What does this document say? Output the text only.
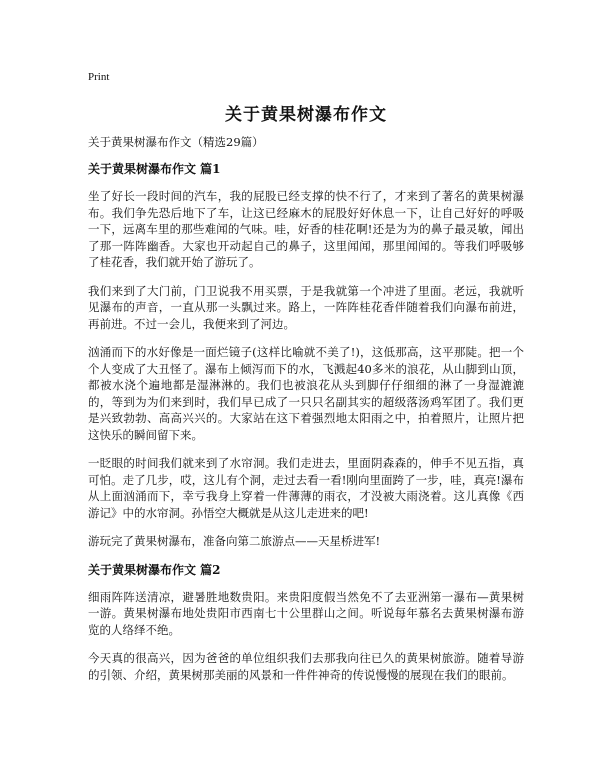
Print
关于黄果树瀑布作文
关于黄果树瀑布作文（精选29篇）
关于黄果树瀑布作文 篇1

坐了好长一段时间的汽车，我的屁股已经支撑的快不行了，才来到了著名的黄果树瀑布。我们争先恐后地下了车，让这已经麻木的屁股好好休息一下，让自己好好的呼吸一下，远离车里的那些难闻的气味。哇，好香的桂花啊!还是为为的鼻子最灵敏，闻出了那一阵阵幽香。大家也开动起自己的鼻子，这里闻闻，那里闻闻的。等我们呼吸够了桂花香，我们就开始了游玩了。

我们来到了大门前，门卫说我不用买票，于是我就第一个冲进了里面。老远，我就听见瀑布的声音，一直从那一头飘过来。路上，一阵阵桂花香伴随着我们向瀑布前进，再前进。不过一会儿，我便来到了河边。

汹涌而下的水好像是一面烂镜子(这样比喻就不美了!)，这低那高，这平那陡。把一个个人变成了大丑怪了。瀑布上倾泻而下的水，飞溅起40多米的浪花，从山脚到山顶，都被水浇个遍地都是湿淋淋的。我们也被浪花从头到脚仔仔细细的淋了一身湿漉漉的，等到为为们来到时，我们早已成了一只只名副其实的超级落汤鸡军团了。我们更是兴致勃勃、高高兴兴的。大家站在这下着强烈地太阳雨之中，拍着照片，让照片把这快乐的瞬间留下来。

一眨眼的时间我们就来到了水帘洞。我们走进去，里面阴森森的，伸手不见五指，真可怕。走了几步，哎，这儿有个洞，走过去看一看!刚向里面跨了一步，哇，真亮!瀑布从上面汹涌而下，幸亏我身上穿着一件薄薄的雨衣，才没被大雨浇着。这儿真像《西游记》中的水帘洞。孙悟空大概就是从这儿走进来的吧!

游玩完了黄果树瀑布，准备向第二旅游点——天星桥进军!

关于黄果树瀑布作文 篇2

细雨阵阵送清凉，避暑胜地数贵阳。来贵阳度假当然免不了去亚洲第一瀑布—黄果树一游。黄果树瀑布地处贵阳市西南七十公里群山之间。听说每年慕名去黄果树瀑布游览的人络绎不绝。

今天真的很高兴，因为爸爸的单位组织我们去那我向往已久的黄果树旅游。随着导游的引领、介绍，黄果树那美丽的风景和一件件神奇的传说慢慢的展现在我们的眼前。
